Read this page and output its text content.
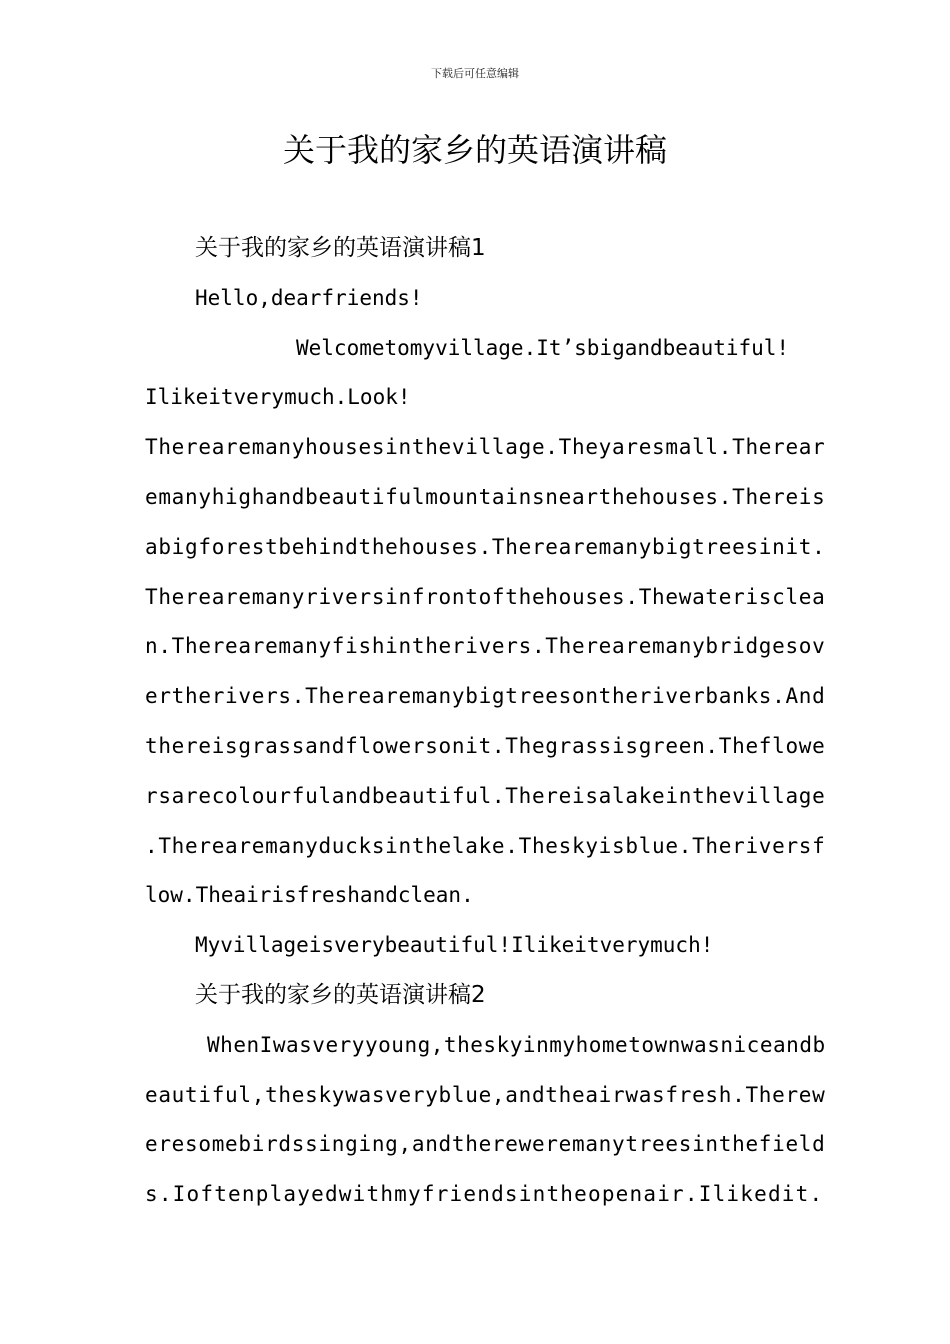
下载后可任意编辑
关于我的家乡的英语演讲稿
关于我的家乡的英语演讲稿1
Hello,dearfriends!
Welcometomyvillage.It’sbigandbeautiful!
Ilikeitverymuch.Look!
Therearemanyhousesinthevillage.Theyaresmall.Therear
emanyhighandbeautifulmountainsnearthehouses.Thereis
abigforestbehindthehouses.Therearemanybigtreesinit.
Therearemanyriversinfrontofthehouses.Thewaterisclea
n.Therearemanyfishintherivers.Therearemanybridgesov
ertherivers.Therearemanybigtreesontheriverbanks.And
thereisgrassandflowersonit.Thegrassisgreen.Theflowe
rsarecolourfulandbeautiful.Thereisalakeinthevillage
.Therearemanyducksinthelake.Theskyisblue.Theriversf
low.Theairisfreshandclean.
Myvillageisverybeautiful!Ilikeitverymuch!
关于我的家乡的英语演讲稿2
WhenIwasveryyoung,theskyinmyhometownwasniceandb
eautiful,theskywasveryblue,andtheairwasfresh.Therew
eresomebirdssinging,andthereweremanytreesinthefield
s.Ioftenplayedwithmyfriendsintheopenair.Ilikedit.
